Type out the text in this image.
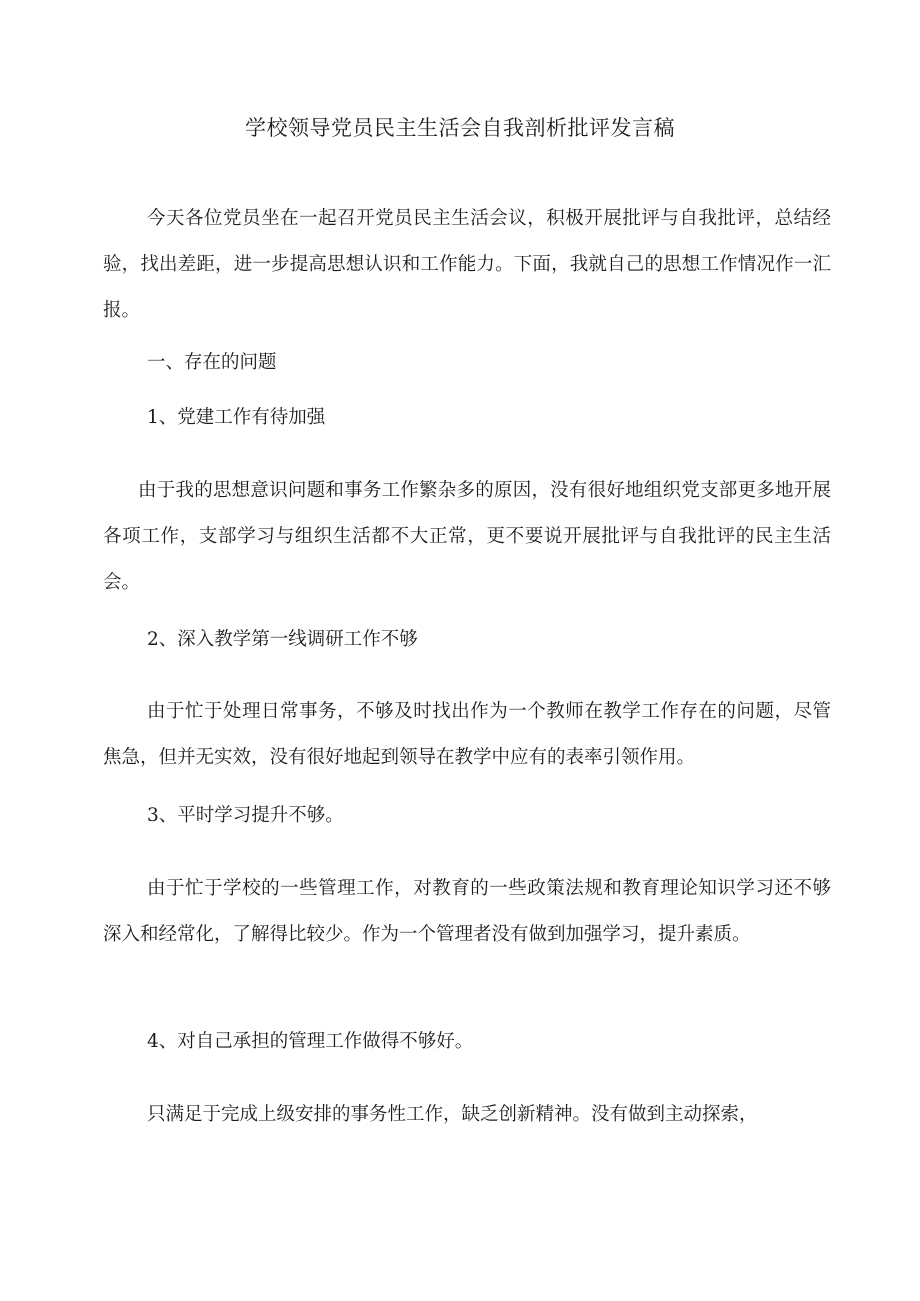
学校领导党员民主生活会自我剖析批评发言稿

今天各位党员坐在一起召开党员民主生活会议，积极开展批评与自我批评，总结经验，找出差距，进一步提高思想认识和工作能力。下面，我就自己的思想工作情况作一汇报。

一、存在的问题

1、党建工作有待加强

由于我的思想意识问题和事务工作繁杂多的原因，没有很好地组织党支部更多地开展各项工作，支部学习与组织生活都不大正常，更不要说开展批评与自我批评的民主生活会。

2、深入教学第一线调研工作不够

由于忙于处理日常事务，不够及时找出作为一个教师在教学工作存在的问题，尽管焦急，但并无实效，没有很好地起到领导在教学中应有的表率引领作用。

3、平时学习提升不够。

由于忙于学校的一些管理工作，对教育的一些政策法规和教育理论知识学习还不够深入和经常化，了解得比较少。作为一个管理者没有做到加强学习，提升素质。

4、对自己承担的管理工作做得不够好。

只满足于完成上级安排的事务性工作，缺乏创新精神。没有做到主动探索，
